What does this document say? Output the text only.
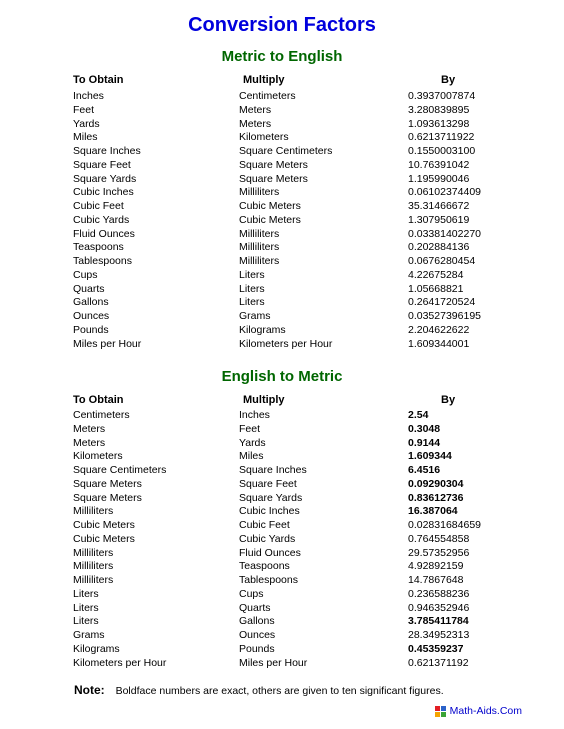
Conversion Factors
Metric to English
To Obtain	Multiply	By
Inches	Centimeters	0.3937007874
Feet	Meters	3.280839895
Yards	Meters	1.093613298
Miles	Kilometers	0.6213711922
Square Inches	Square Centimeters	0.1550003100
Square Feet	Square Meters	10.76391042
Square Yards	Square Meters	1.195990046
Cubic Inches	Milliliters	0.06102374409
Cubic Feet	Cubic Meters	35.31466672
Cubic Yards	Cubic Meters	1.307950619
Fluid Ounces	Milliliters	0.03381402270
Teaspoons	Milliliters	0.202884136
Tablespoons	Milliliters	0.0676280454
Cups	Liters	4.22675284
Quarts	Liters	1.05668821
Gallons	Liters	0.2641720524
Ounces	Grams	0.03527396195
Pounds	Kilograms	2.204622622
Miles per Hour	Kilometers per Hour	1.609344001
English to Metric
To Obtain	Multiply	By
Centimeters	Inches	2.54
Meters	Feet	0.3048
Meters	Yards	0.9144
Kilometers	Miles	1.609344
Square Centimeters	Square Inches	6.4516
Square Meters	Square Feet	0.09290304
Square Meters	Square Yards	0.83612736
Milliliters	Cubic Inches	16.387064
Cubic Meters	Cubic Feet	0.02831684659
Cubic Meters	Cubic Yards	0.764554858
Milliliters	Fluid Ounces	29.57352956
Milliliters	Teaspoons	4.92892159
Milliliters	Tablespoons	14.7867648
Liters	Cups	0.236588236
Liters	Quarts	0.946352946
Liters	Gallons	3.785411784
Grams	Ounces	28.34952313
Kilograms	Pounds	0.45359237
Kilometers per Hour	Miles per Hour	0.621371192
Note: Boldface numbers are exact, others are given to ten significant figures.
Math-Aids.Com
